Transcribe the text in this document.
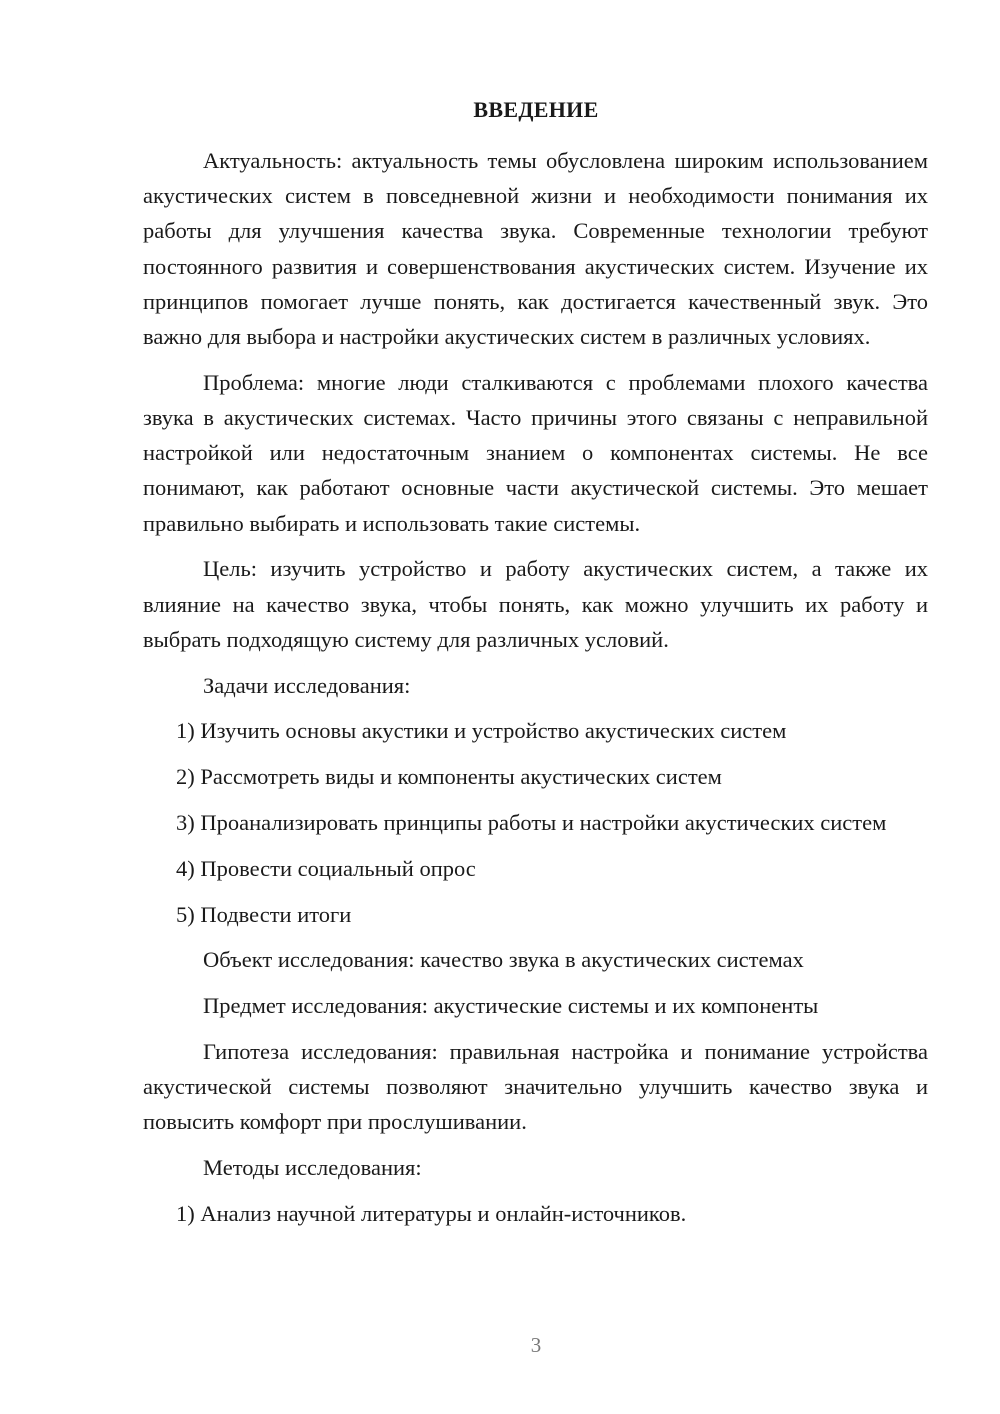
ВВЕДЕНИЕ

Актуальность: актуальность темы обусловлена широким использованием акустических систем в повседневной жизни и необходимости понимания их работы для улучшения качества звука. Современные технологии требуют постоянного развития и совершенствования акустических систем. Изучение их принципов помогает лучше понять, как достигается качественный звук. Это важно для выбора и настройки акустических систем в различных условиях.

Проблема: многие люди сталкиваются с проблемами плохого качества звука в акустических системах. Часто причины этого связаны с неправильной настройкой или недостаточным знанием о компонентах системы. Не все понимают, как работают основные части акустической системы. Это мешает правильно выбирать и использовать такие системы.

Цель: изучить устройство и работу акустических систем, а также их влияние на качество звука, чтобы понять, как можно улучшить их работу и выбрать подходящую систему для различных условий.

Задачи исследования:

1) Изучить основы акустики и устройство акустических систем

2) Рассмотреть виды и компоненты акустических систем

3) Проанализировать принципы работы и настройки акустических систем

4) Провести социальный опрос

5) Подвести итоги

Объект исследования: качество звука в акустических системах

Предмет исследования: акустические системы и их компоненты

Гипотеза исследования: правильная настройка и понимание устройства акустической системы позволяют значительно улучшить качество звука и повысить комфорт при прослушивании.

Методы исследования:

1) Анализ научной литературы и онлайн-источников.

3
